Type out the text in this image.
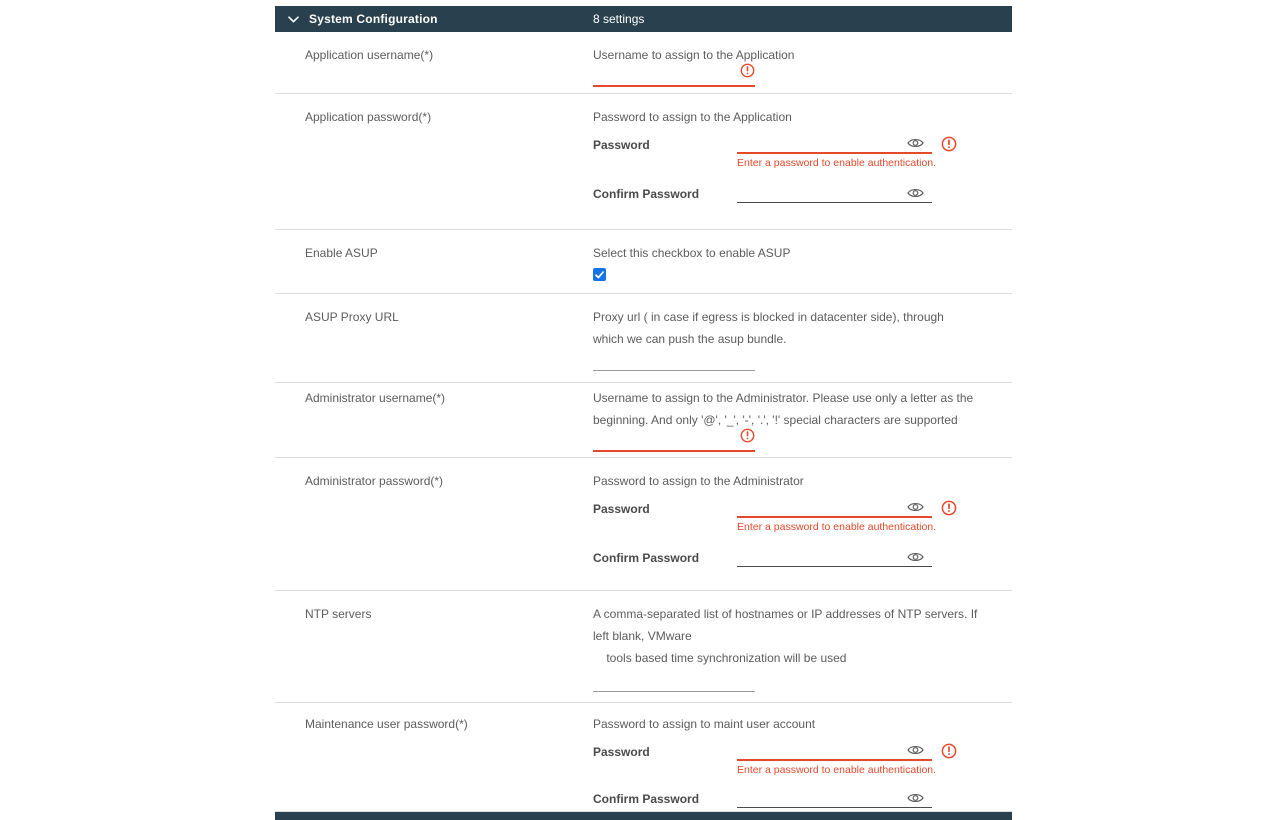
System Configuration	8 settings
Application username(*)	Username to assign to the Application
Application password(*)	Password to assign to the Application
Password
Enter a password to enable authentication.
Confirm Password
Enable ASUP	Select this checkbox to enable ASUP
ASUP Proxy URL	Proxy url ( in case if egress is blocked in datacenter side), through
which we can push the asup bundle.
Administrator username(*)	Username to assign to the Administrator. Please use only a letter as the
beginning. And only '@', '_', '-', '.', '!' special characters are supported
Administrator password(*)	Password to assign to the Administrator
Password
Enter a password to enable authentication.
Confirm Password
NTP servers	A comma-separated list of hostnames or IP addresses of NTP servers. If
left blank, VMware
tools based time synchronization will be used
Maintenance user password(*)	Password to assign to maint user account
Password
Enter a password to enable authentication.
Confirm Password
